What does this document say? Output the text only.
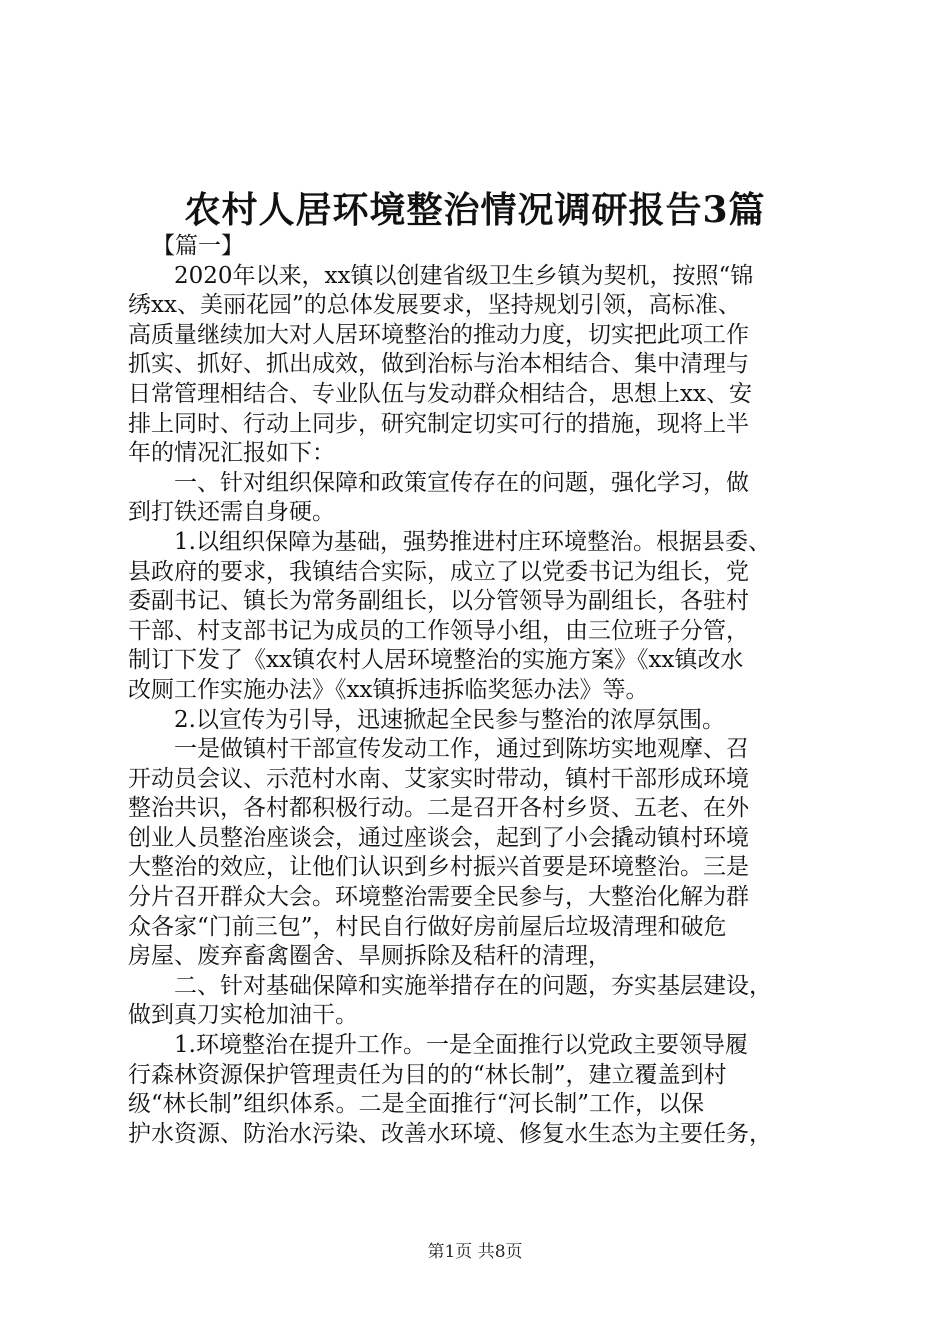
农村人居环境整治情况调研报告3篇
【篇一】
2020年以来，xx镇以创建省级卫生乡镇为契机，按照“锦
绣xx、美丽花园”的总体发展要求，坚持规划引领，高标准、
高质量继续加大对人居环境整治的推动力度，切实把此项工作
抓实、抓好、抓出成效，做到治标与治本相结合、集中清理与
日常管理相结合、专业队伍与发动群众相结合，思想上xx、安
排上同时、行动上同步，研究制定切实可行的措施，现将上半
年的情况汇报如下：
一、针对组织保障和政策宣传存在的问题，强化学习，做
到打铁还需自身硬。
1.以组织保障为基础，强势推进村庄环境整治。根据县委、
县政府的要求，我镇结合实际，成立了以党委书记为组长，党
委副书记、镇长为常务副组长，以分管领导为副组长，各驻村
干部、村支部书记为成员的工作领导小组，由三位班子分管，
制订下发了《xx镇农村人居环境整治的实施方案》《xx镇改水
改厕工作实施办法》《xx镇拆违拆临奖惩办法》等。
2.以宣传为引导，迅速掀起全民参与整治的浓厚氛围。
一是做镇村干部宣传发动工作，通过到陈坊实地观摩、召
开动员会议、示范村水南、艾家实时带动，镇村干部形成环境
整治共识，各村都积极行动。二是召开各村乡贤、五老、在外
创业人员整治座谈会，通过座谈会，起到了小会撬动镇村环境
大整治的效应，让他们认识到乡村振兴首要是环境整治。三是
分片召开群众大会。环境整治需要全民参与，大整治化解为群
众各家“门前三包”，村民自行做好房前屋后垃圾清理和破危
房屋、废弃畜禽圈舍、旱厕拆除及秸秆的清理，
二、针对基础保障和实施举措存在的问题，夯实基层建设，
做到真刀实枪加油干。
1.环境整治在提升工作。一是全面推行以党政主要领导履
行森林资源保护管理责任为目的的“林长制”，建立覆盖到村
级“林长制”组织体系。二是全面推行“河长制”工作，以保
护水资源、防治水污染、改善水环境、修复水生态为主要任务，
第1页 共8页
